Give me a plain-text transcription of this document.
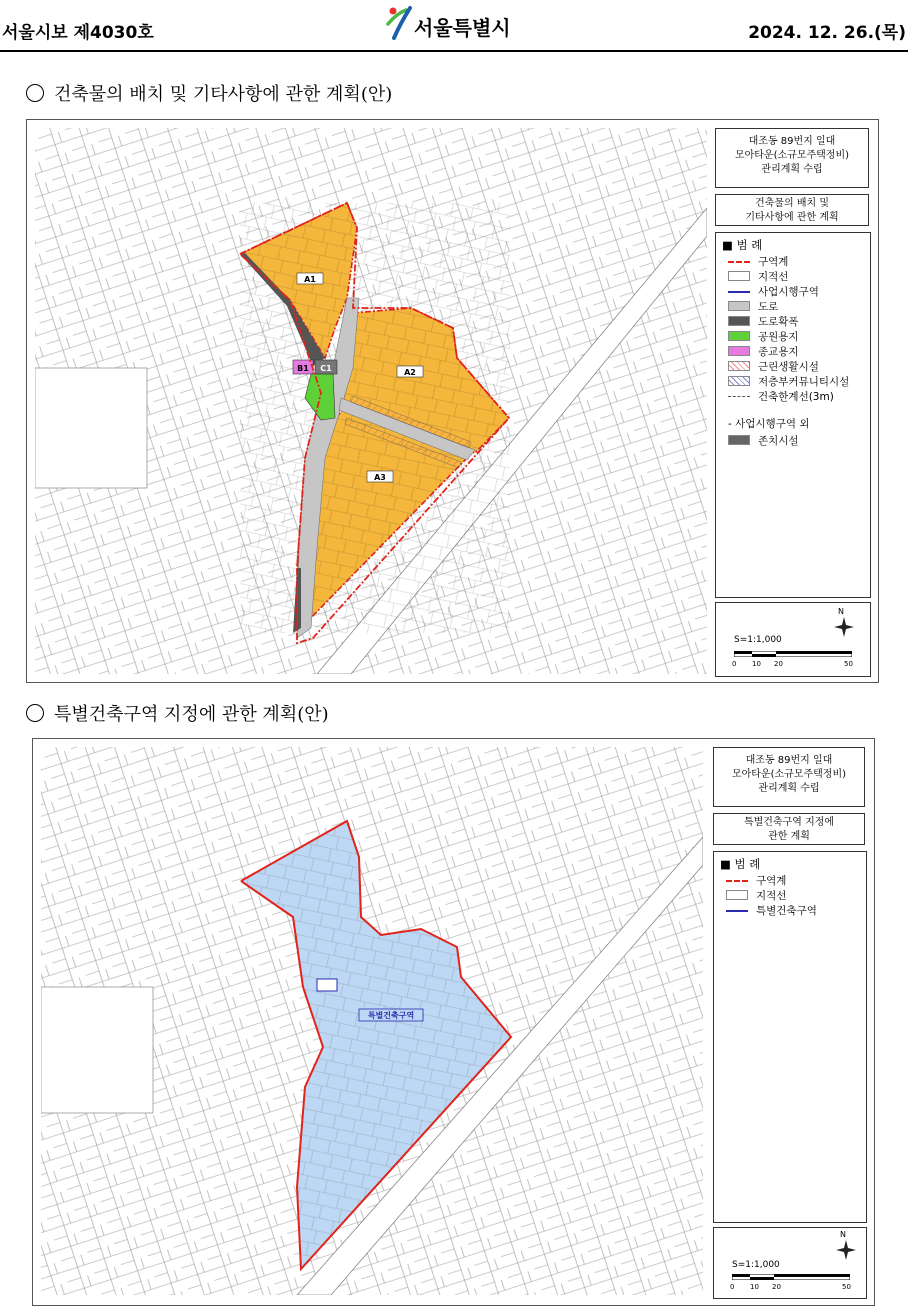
서울시보 제4030호	서울특별시	2024. 12. 26.(목)
건축물의 배치 및 기타사항에 관한 계획(안)
A1
A2
A3
B1 C1
대조동 89번지 일대
모아타운(소규모주택정비)
관리계획 수립
건축물의 배치 및
기타사항에 관한 계획
■ 범 례
구역계
지적선
사업시행구역
도로
도로확폭
공원용지
종교용지
근린생활시설
저층부커뮤니티시설
건축한계선(3m)
- 사업시행구역 외
존치시설
N
S=1:1,000
0 10 20	50
특별건축구역 지정에 관한 계획(안)
특별건축구역
대조동 89번지 일대
모아타운(소규모주택정비)
관리계획 수립
특별건축구역 지정에
관한 계획
■ 범 례
구역계
지적선
특별건축구역
N
S=1:1,000
0 10 20	50
